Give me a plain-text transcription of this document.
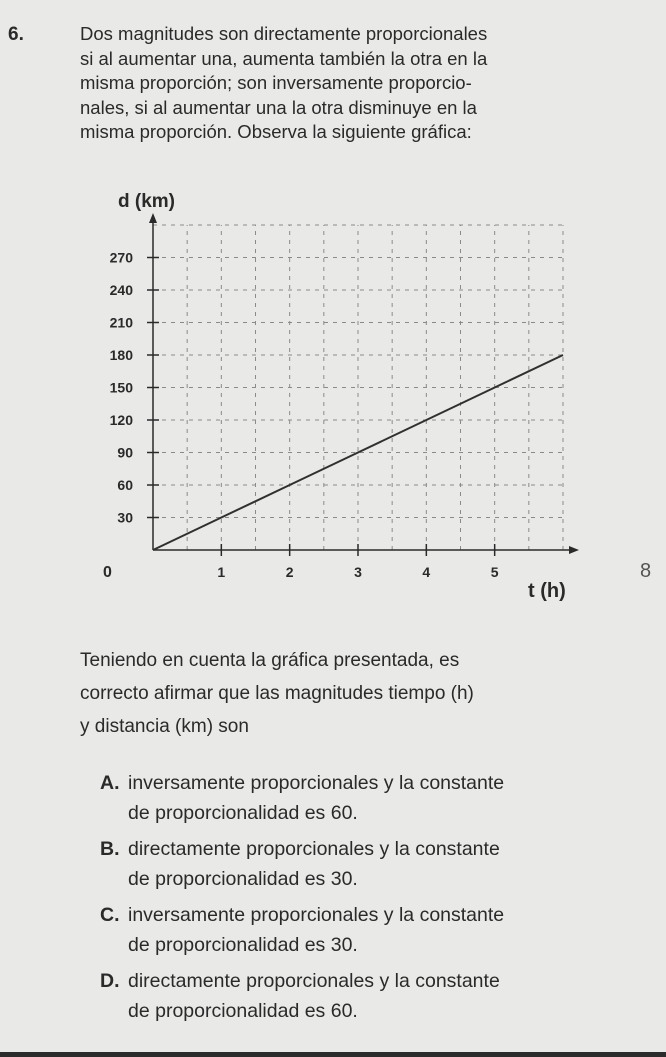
6.	Dos magnitudes son directamente proporcionales
si al aumentar una, aumenta también la otra en la
misma proporción; son inversamente proporcio-
nales, si al aumentar una la otra disminuye en la
misma proporción. Observa la siguiente gráfica:
30
60
90
120
150
180
210
240
270
1	2	3	4	5
0
d (km)
t (h)
Teniendo en cuenta la gráfica presentada, es
correcto afirmar que las magnitudes tiempo (h)
y distancia (km) son
A. inversamente proporcionales y la constante
de proporcionalidad es 60.
B. directamente proporcionales y la constante
de proporcionalidad es 30.
C. inversamente proporcionales y la constante
de proporcionalidad es 30.
D. directamente proporcionales y la constante
de proporcionalidad es 60.
8
